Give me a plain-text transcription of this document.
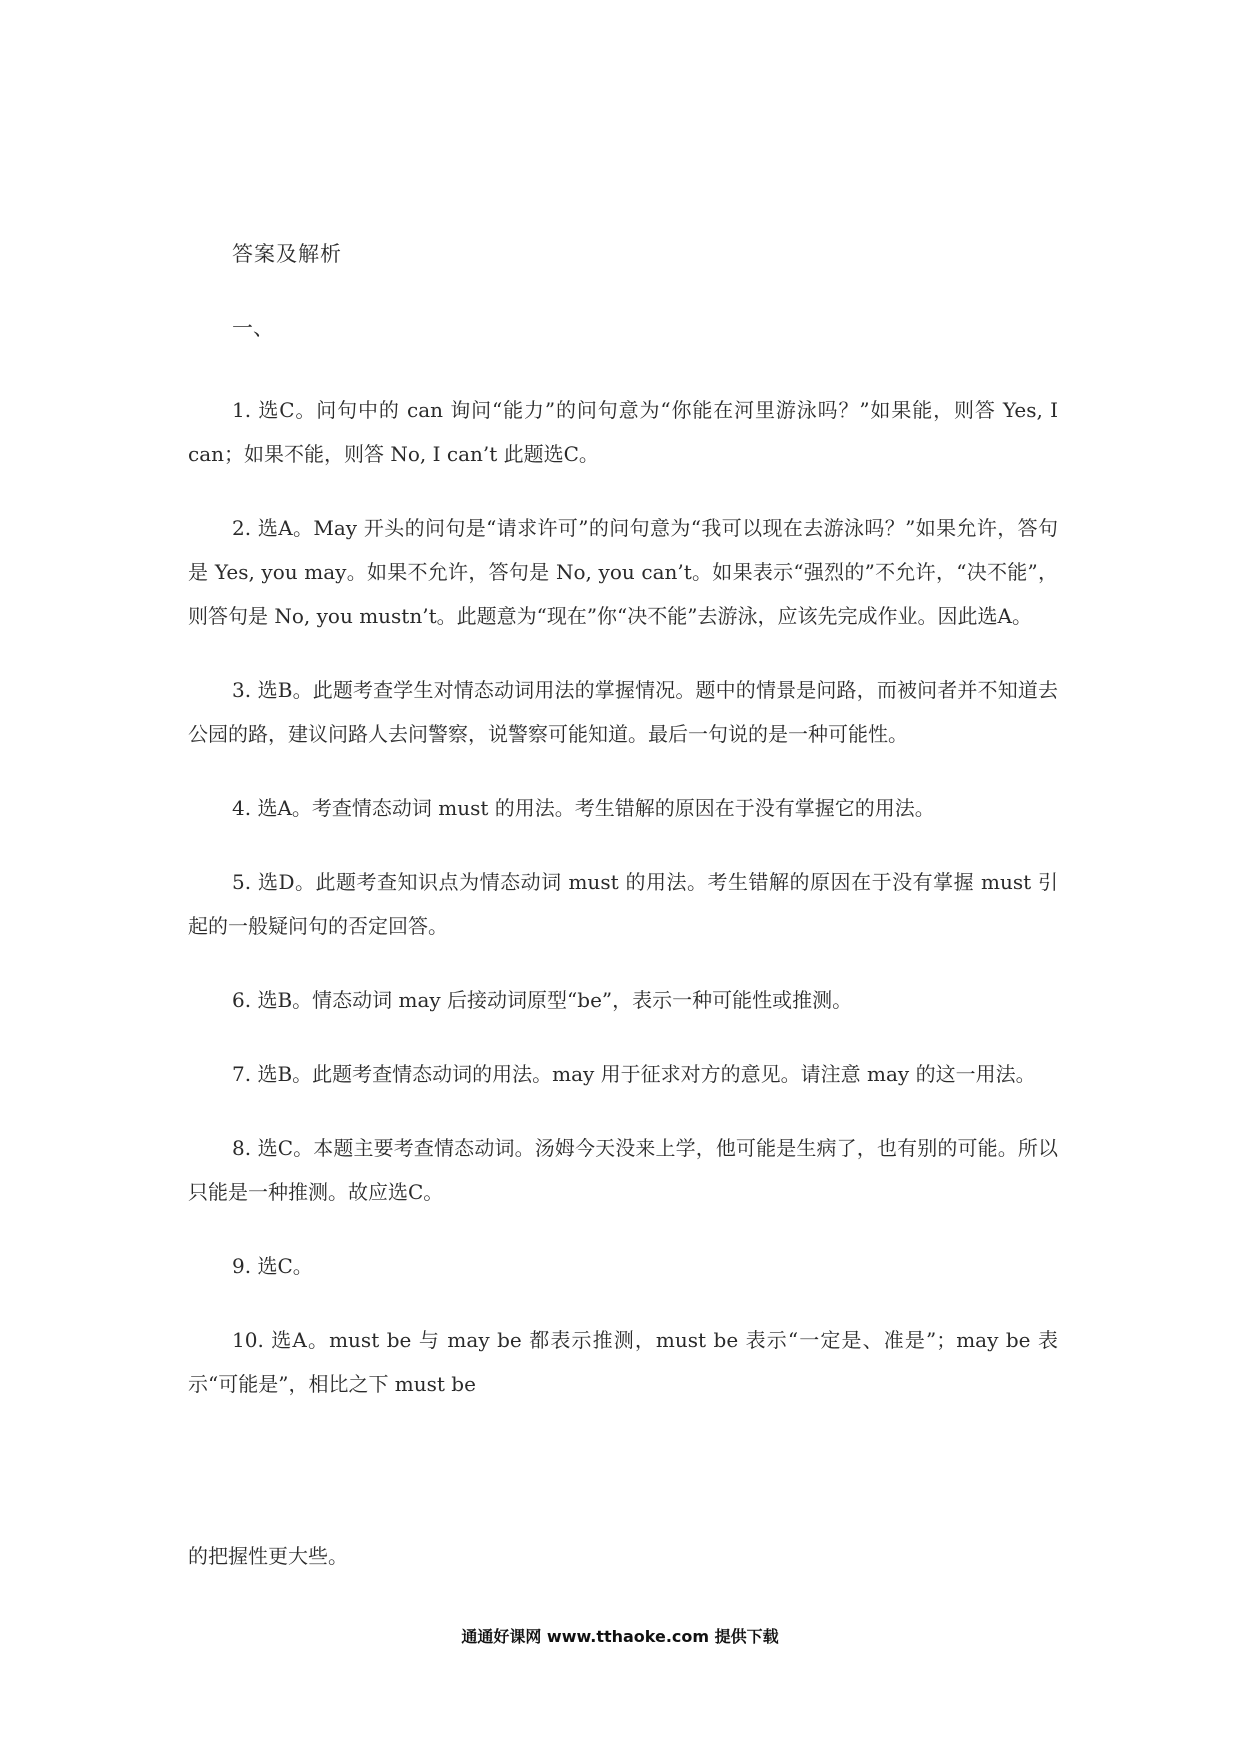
答案及解析
一、
1. 选C。问句中的 can 询问“能力”的问句意为“你能在河里游泳吗？”如果能，则答 Yes, I can；如果不能，则答 No, I can’t 此题选C。
2. 选A。May 开头的问句是“请求许可”的问句意为“我可以现在去游泳吗？”如果允许，答句是 Yes, you may。如果不允许，答句是 No, you can’t。如果表示“强烈的”不允许，“决不能”，则答句是 No, you mustn’t。此题意为“现在”你“决不能”去游泳，应该先完成作业。因此选A。
3. 选B。此题考查学生对情态动词用法的掌握情况。题中的情景是问路，而被问者并不知道去公园的路，建议问路人去问警察，说警察可能知道。最后一句说的是一种可能性。
4. 选A。考查情态动词 must 的用法。考生错解的原因在于没有掌握它的用法。
5. 选D。此题考查知识点为情态动词 must 的用法。考生错解的原因在于没有掌握 must 引起的一般疑问句的否定回答。
6. 选B。情态动词 may 后接动词原型“be”，表示一种可能性或推测。
7. 选B。此题考查情态动词的用法。may 用于征求对方的意见。请注意 may 的这一用法。
8. 选C。本题主要考查情态动词。汤姆今天没来上学，他可能是生病了，也有别的可能。所以只能是一种推测。故应选C。
9. 选C。
10. 选A。must be 与 may be 都表示推测，must be 表示“一定是、准是”；may be 表示“可能是”，相比之下 must be
的把握性更大些。
通通好课网 www.tthaoke.com 提供下载
